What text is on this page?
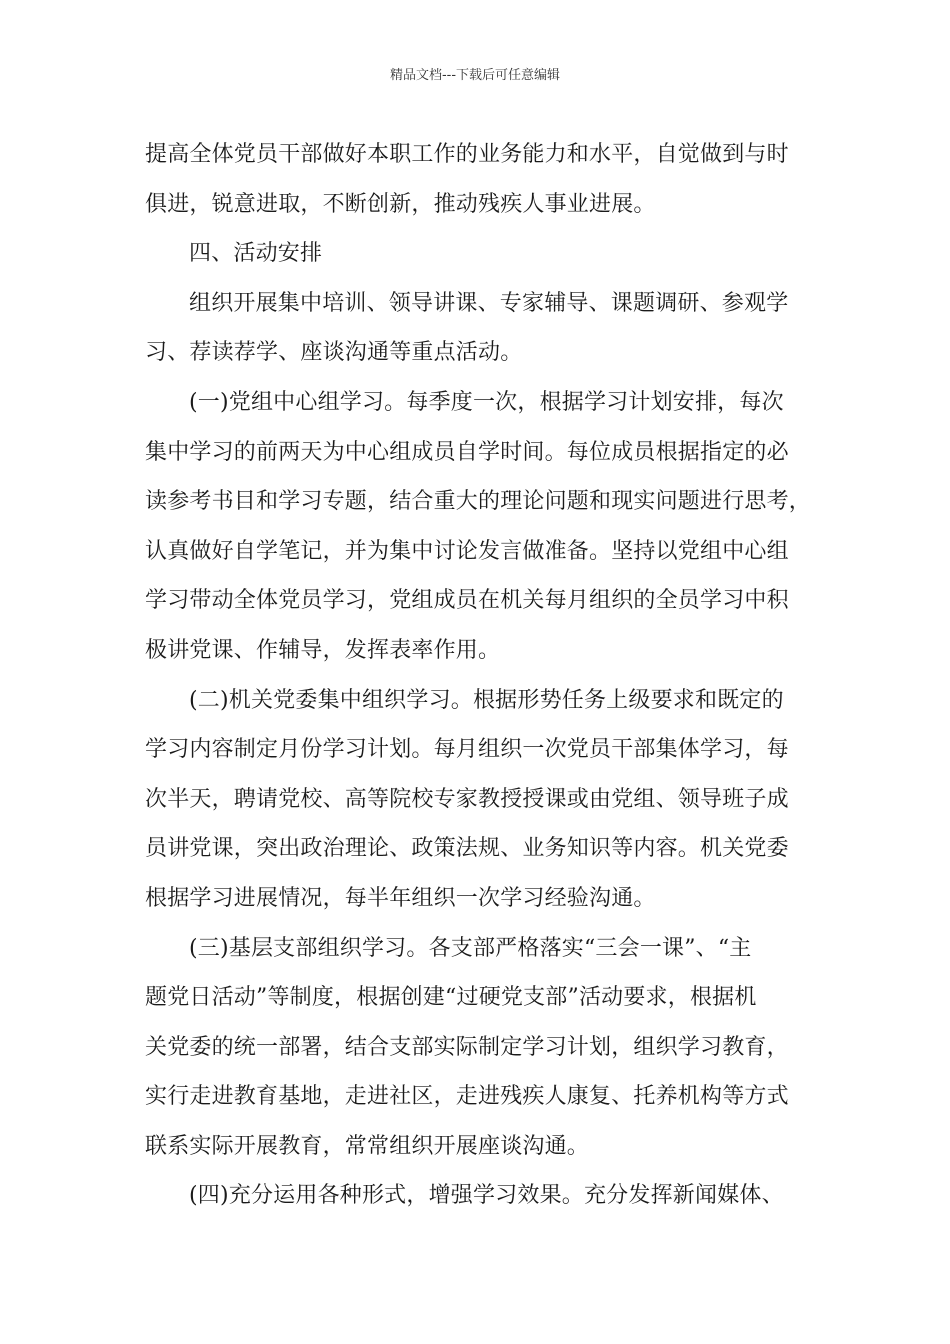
精品文档---下载后可任意编辑
提高全体党员干部做好本职工作的业务能力和水平，自觉做到与时
俱进，锐意进取，不断创新，推动残疾人事业进展。
四、活动安排
组织开展集中培训、领导讲课、专家辅导、课题调研、参观学
习、荐读荐学、座谈沟通等重点活动。
(一)党组中心组学习。每季度一次，根据学习计划安排，每次
集中学习的前两天为中心组成员自学时间。每位成员根据指定的必
读参考书目和学习专题，结合重大的理论问题和现实问题进行思考，
认真做好自学笔记，并为集中讨论发言做准备。坚持以党组中心组
学习带动全体党员学习，党组成员在机关每月组织的全员学习中积
极讲党课、作辅导，发挥表率作用。
(二)机关党委集中组织学习。根据形势任务上级要求和既定的
学习内容制定月份学习计划。每月组织一次党员干部集体学习，每
次半天，聘请党校、高等院校专家教授授课或由党组、领导班子成
员讲党课，突出政治理论、政策法规、业务知识等内容。机关党委
根据学习进展情况，每半年组织一次学习经验沟通。
(三)基层支部组织学习。各支部严格落实“三会一课”、“主
题党日活动”等制度，根据创建“过硬党支部”活动要求，根据机
关党委的统一部署，结合支部实际制定学习计划，组织学习教育，
实行走进教育基地，走进社区，走进残疾人康复、托养机构等方式
联系实际开展教育，常常组织开展座谈沟通。
(四)充分运用各种形式，增强学习效果。充分发挥新闻媒体、
